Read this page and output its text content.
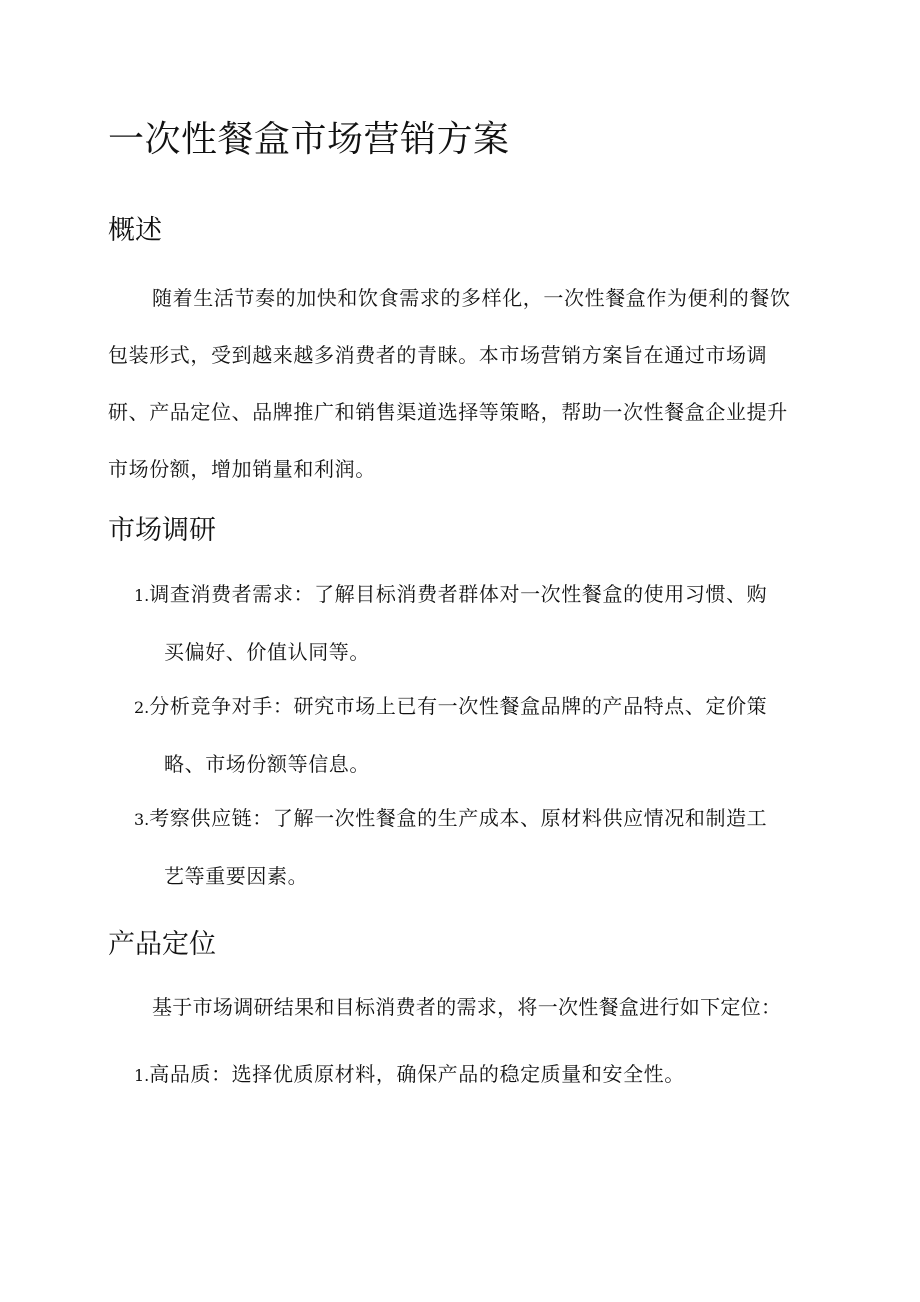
一次性餐盒市场营销方案
概述

随着生活节奏的加快和饮食需求的多样化，一次性餐盒作为便利的餐饮包装形式，受到越来越多消费者的青睐。本市场营销方案旨在通过市场调研、产品定位、品牌推广和销售渠道选择等策略，帮助一次性餐盒企业提升市场份额，增加销量和利润。

市场调研
1.调查消费者需求：了解目标消费者群体对一次性餐盒的使用习惯、购
买偏好、价值认同等。
2.分析竞争对手：研究市场上已有一次性餐盒品牌的产品特点、定价策
略、市场份额等信息。
3.考察供应链：了解一次性餐盒的生产成本、原材料供应情况和制造工
艺等重要因素。
产品定位

基于市场调研结果和目标消费者的需求，将一次性餐盒进行如下定位：

1.高品质：选择优质原材料，确保产品的稳定质量和安全性。
